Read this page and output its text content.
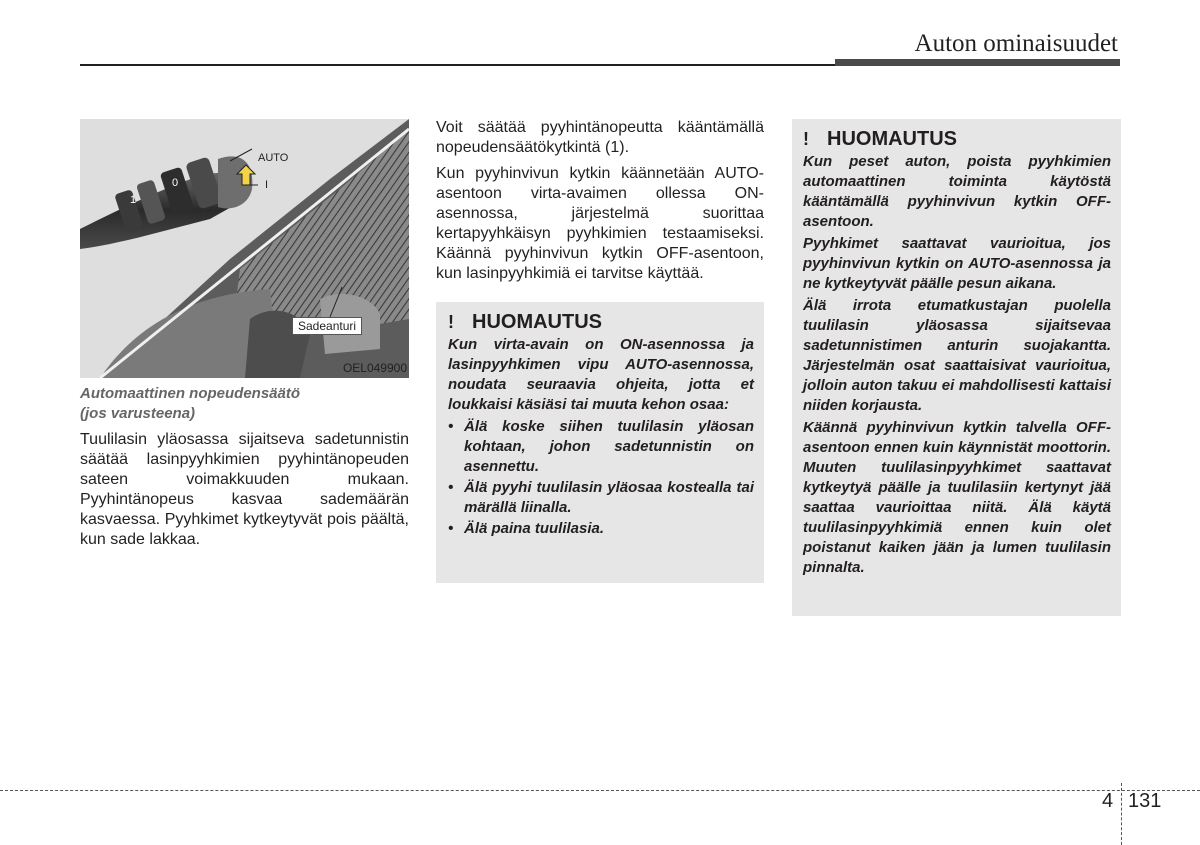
Auton ominaisuudet
AUTO
I
1
0
Sadeanturi
OEL049900
Automaattinen nopeudensäätö
(jos varusteena)

Tuulilasin yläosassa sijaitseva sadetunnistin säätää lasinpyyhkimien pyyhintänopeuden sateen voimakkuuden mukaan. Pyyhintänopeus kasvaa sademäärän kasvaessa. Pyyhkimet kytkeytyvät pois päältä, kun sade lakkaa.

Voit säätää pyyhintänopeutta kääntämällä nopeudensäätökytkintä (1).

Kun pyyhinvivun kytkin käännetään AUTO-asentoon virta-avaimen ollessa ON-asennossa, järjestelmä suorittaa kertapyyhkäisyn pyyhkimien testaamiseksi. Käännä pyyhinvivun kytkin OFF-asentoon, kun lasinpyyhkimiä ei tarvitse käyttää.

! HUOMAUTUS

Kun virta-avain on ON-asennossa ja lasinpyyhkimen vipu AUTO-asennossa, noudata seuraavia ohjeita, jotta et loukkaisi käsiäsi tai muuta kehon osaa:

• Älä koske siihen tuulilasin yläosan kohtaan, johon sadetunnistin on asennettu.
• Älä pyyhi tuulilasin yläosaa kostealla tai märällä liinalla.
• Älä paina tuulilasia.
! HUOMAUTUS

Kun peset auton, poista pyyhkimien automaattinen toiminta käytöstä kääntämällä pyyhinvivun kytkin OFF-asentoon.

Pyyhkimet saattavat vaurioitua, jos pyyhinvivun kytkin on AUTO-asennossa ja ne kytkeytyvät päälle pesun aikana.

Älä irrota etumatkustajan puolella tuulilasin yläosassa sijaitsevaa sadetunnistimen anturin suojakantta. Järjestelmän osat saattaisivat vaurioitua, jolloin auton takuu ei mahdollisesti kattaisi niiden korjausta.

Käännä pyyhinvivun kytkin talvella OFF-asentoon ennen kuin käynnistät moottorin. Muuten tuulilasinpyyhkimet saattavat kytkeytyä päälle ja tuulilasiin kertynyt jää saattaa vaurioittaa niitä. Älä käytä tuulilasinpyyhkimiä ennen kuin olet poistanut kaiken jään ja lumen tuulilasin pinnalta.

4 131
